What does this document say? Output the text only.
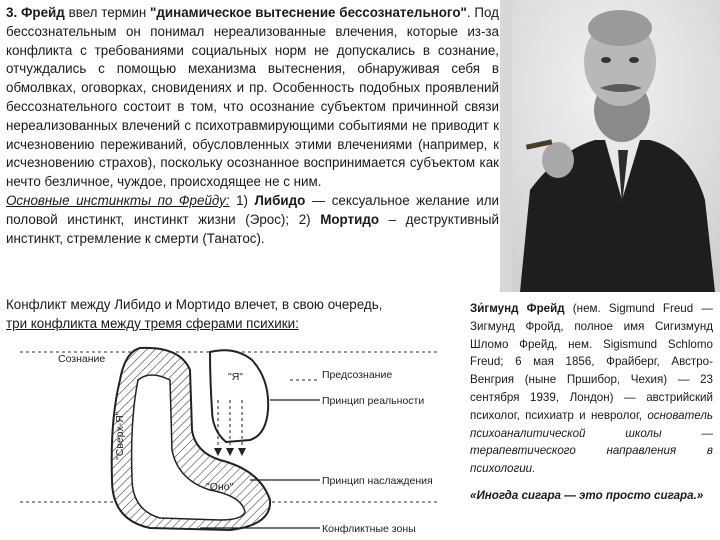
3. Фрейд ввел термин "динамическое вытеснение бессознательного". Под бессознательным он понимал нереализованные влечения, которые из-за конфликта с требованиями социальных норм не допускались в сознание, отчуждались с помощью механизма вытеснения, обнаруживая себя в обмолвках, оговорках, сновидениях и пр. Особенность подобных проявлений бессознательного состоит в том, что осознание субъектом причинной связи нереализованных влечений с психотравмирующими событиями не приводит к исчезновению переживаний, обусловленных этими влечениями (например, к исчезновению страхов), поскольку осознанное воспринимается субъектом как нечто безличное, чуждое, происходящее не с ним.

Основные инстинкты по Фрейду: 1) Либидо — сексуальное желание или половой инстинкт, инстинкт жизни (Эрос); 2) Мортидо – деструктивный инстинкт, стремление к смерти (Танатос).

Конфликт между Либидо и Мортидо влечет, в свою очередь,
три конфликта между тремя сферами психики:
Сознание
Предсознание
Принцип реальности
"Я"
"Сверх-Я"
"Оно"	Принцип наслаждения
Конфликтные зоны

Зи́гмунд Фрейд (нем. Sigmund Freud — Зигмунд Фройд, полное имя Сигизмунд Шломо Фрейд, нем. Sigismund Schlomo Freud; 6 мая 1856, Фрайберг, Австро-Венгрия (ныне Пршибор, Чехия) — 23 сентября 1939, Лондон) — австрийский психолог, психиатр и невролог, основатель психоаналитической школы — терапевтического направления в психологии.

«Иногда сигара — это просто сигара.»
